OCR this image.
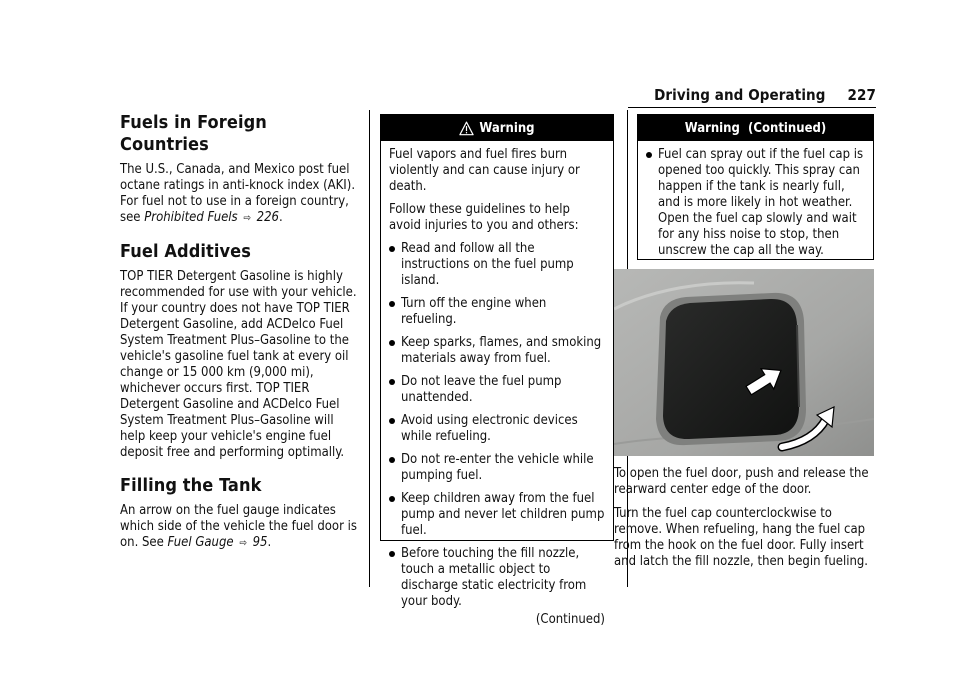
Driving and Operating 227
Fuels in Foreign Countries

The U.S., Canada, and Mexico post fuel octane ratings in anti-knock index (AKI). For fuel not to use in a foreign country, see Prohibited Fuels ⇨ 226.

Fuel Additives

TOP TIER Detergent Gasoline is highly recommended for use with your vehicle. If your country does not have TOP TIER Detergent Gasoline, add ACDelco Fuel System Treatment Plus–Gasoline to the vehicle's gasoline fuel tank at every oil change or 15 000 km (9,000 mi), whichever occurs first. TOP TIER Detergent Gasoline and ACDelco Fuel System Treatment Plus–Gasoline will help keep your vehicle's engine fuel deposit free and performing optimally.

Filling the Tank

An arrow on the fuel gauge indicates which side of the vehicle the fuel door is on. See Fuel Gauge ⇨ 95.

Warning

Fuel vapors and fuel fires burn violently and can cause injury or death.

Follow these guidelines to help avoid injuries to you and others:

Read and follow all the instructions on the fuel pump island.
Turn off the engine when refueling.
Keep sparks, flames, and smoking materials away from fuel.
Do not leave the fuel pump unattended.
Avoid using electronic devices while refueling.
Do not re-enter the vehicle while pumping fuel.
Keep children away from the fuel pump and never let children pump fuel.
Before touching the fill nozzle, touch a metallic object to discharge static electricity from your body.
(Continued)
Warning  (Continued)
Fuel can spray out if the fuel cap is opened too quickly. This spray can happen if the tank is nearly full, and is more likely in hot weather. Open the fuel cap slowly and wait for any hiss noise to stop, then unscrew the cap all the way.

To open the fuel door, push and release the rearward center edge of the door.

Turn the fuel cap counterclockwise to remove. When refueling, hang the fuel cap from the hook on the fuel door. Fully insert and latch the fill nozzle, then begin fueling.
